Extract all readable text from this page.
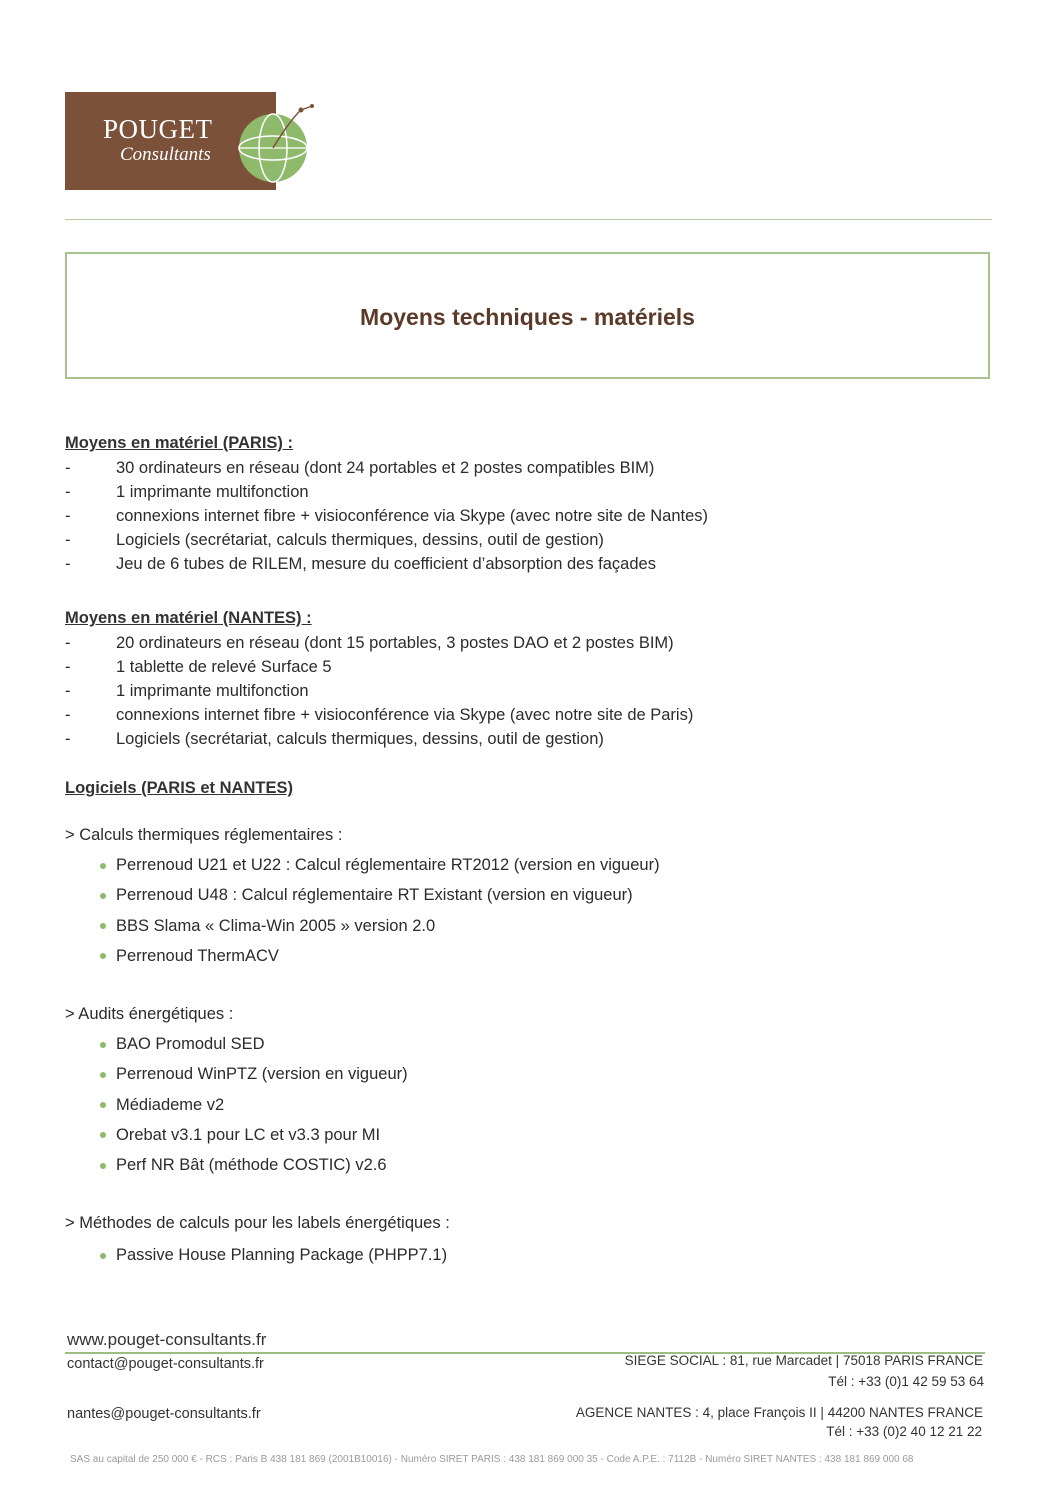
POUGET
Consultants
Moyens techniques - matériels
Moyens en matériel (PARIS) :
-	30 ordinateurs en réseau (dont 24 portables et 2 postes compatibles BIM)
-	1 imprimante multifonction
-	connexions internet fibre + visioconférence via Skype (avec notre site de Nantes)
-	Logiciels (secrétariat, calculs thermiques, dessins, outil de gestion)
-	Jeu de 6 tubes de RILEM, mesure du coefficient d’absorption des façades
Moyens en matériel (NANTES) :
-	20 ordinateurs en réseau (dont 15 portables, 3 postes DAO et 2 postes BIM)
-	1 tablette de relevé Surface 5
-	1 imprimante multifonction
-	connexions internet fibre + visioconférence via Skype (avec notre site de Paris)
-	Logiciels (secrétariat, calculs thermiques, dessins, outil de gestion)
Logiciels (PARIS et NANTES)
> Calculs thermiques réglementaires :
Perrenoud U21 et U22 : Calcul réglementaire RT2012 (version en vigueur)
Perrenoud U48 : Calcul réglementaire RT Existant (version en vigueur)
BBS Slama « Clima-Win 2005 » version 2.0
Perrenoud ThermACV
> Audits énergétiques :
BAO Promodul SED
Perrenoud WinPTZ (version en vigueur)
Médiademe v2
Orebat v3.1 pour LC et v3.3 pour MI
Perf NR Bât (méthode COSTIC) v2.6
> Méthodes de calculs pour les labels énergétiques :
Passive House Planning Package (PHPP7.1)
www.pouget-consultants.fr
contact@pouget-consultants.fr	SIEGE SOCIAL : 81, rue Marcadet | 75018 PARIS FRANCE
Tél : +33 (0)1 42 59 53 64
nantes@pouget-consultants.fr	AGENCE NANTES : 4, place François II | 44200 NANTES FRANCE
Tél : +33 (0)2 40 12 21 22
SAS au capital de 250 000 € - RCS : Paris B 438 181 869 (2001B10016) - Numéro SIRET PARIS : 438 181 869 000 35 - Code A.P.E. : 7112B - Numéro SIRET NANTES : 438 181 869 000 68
